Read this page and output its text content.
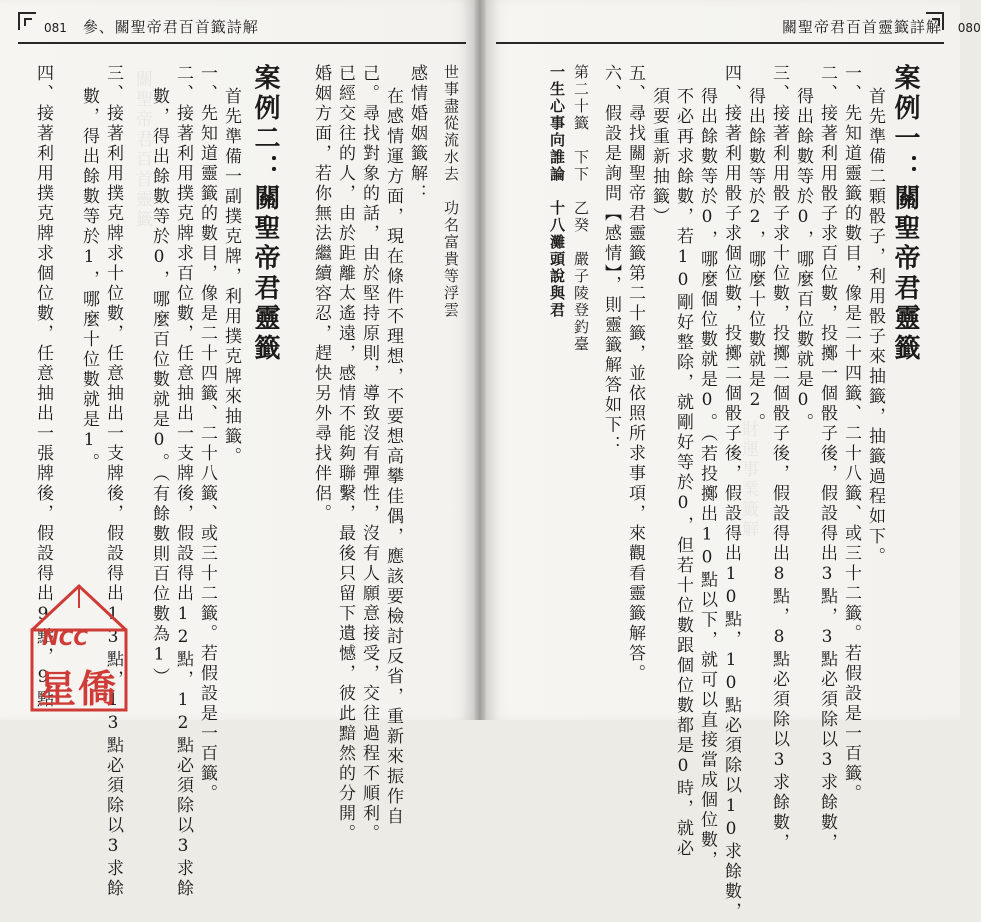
081 參、關聖帝君百首籤詩解
關聖帝君百首靈籤
四、接著利用撲克牌求個位數，任意抽出一張牌後，假設得出9點，9點 數，得出餘數等於1，哪麼十位數就是1。 三、接著利用撲克牌求十位數，任意抽出一支牌後，假設得出13點，13點必須除以3求餘 數，得出餘數等於0，哪麼百位數就是0。（有餘數則百位數為1） 二、接著利用撲克牌求百位數，任意抽出一支牌後，假設得出12點，12點必須除以3求餘 一、先知道靈籤的數目，像是二十四籤、二十八籤、或三十二籤。若假設是一百籤。 首先準備一副撲克牌，利用撲克牌來抽籤。 案例二：關聖帝君靈籤 婚姻方面，若你無法繼續容忍，趕快另外尋找伴侶。 已經交往的人，由於距離太遙遠，感情不能夠聯繫，最後只留下遺憾，彼此黯然的分開。 己。尋找對象的話，由於堅持原則，導致沒有彈性，沒有人願意接受，交往過程不順利。 在感情運方面，現在條件不理想，不要想高攀佳偶，應該要檢討反省，重新來振作自 感情婚姻籤解： 世事盡從流水去　功名富貴等浮雲
NCC
星僑
關聖帝君百首靈籤詳解 080
財運事業籤解
案例一：關聖帝君靈籤
首先準備二顆骰子，利用骰子來抽籤，抽籤過程如下。
一、先知道靈籤的數目，像是二十四籤、二十八籤、或三十二籤。若假設是一百籤。
二、接著利用骰子求百位數，投擲一個骰子後，假設得出3點，3點必須除以3求餘數，
得出餘數等於0，哪麼百位數就是0。
三、接著利用骰子求十位數，投擲二個骰子後，假設得出8點，8點必須除以3求餘數，
得出餘數等於2，哪麼十位數就是2。
四、接著利用骰子求個位數，投擲二個骰子後，假設得出10點，10點必須除以10求餘數，
得出餘數等於0，哪麼個位數就是0。（若投擲出10點以下，就可以直接當成個位數，
不必再求餘數，若10剛好整除，就剛好等於0，但若十位數跟個位數都是0時，就必
須要重新抽籤）
五、尋找關聖帝君靈籤第二十籤，並依照所求事項，來觀看靈籤解答。
六、假設是詢問【感情】，則靈籤解答如下：
第二十籤　下下　乙癸　嚴子陵登釣臺
一生心事向誰論　十八灘頭說與君
